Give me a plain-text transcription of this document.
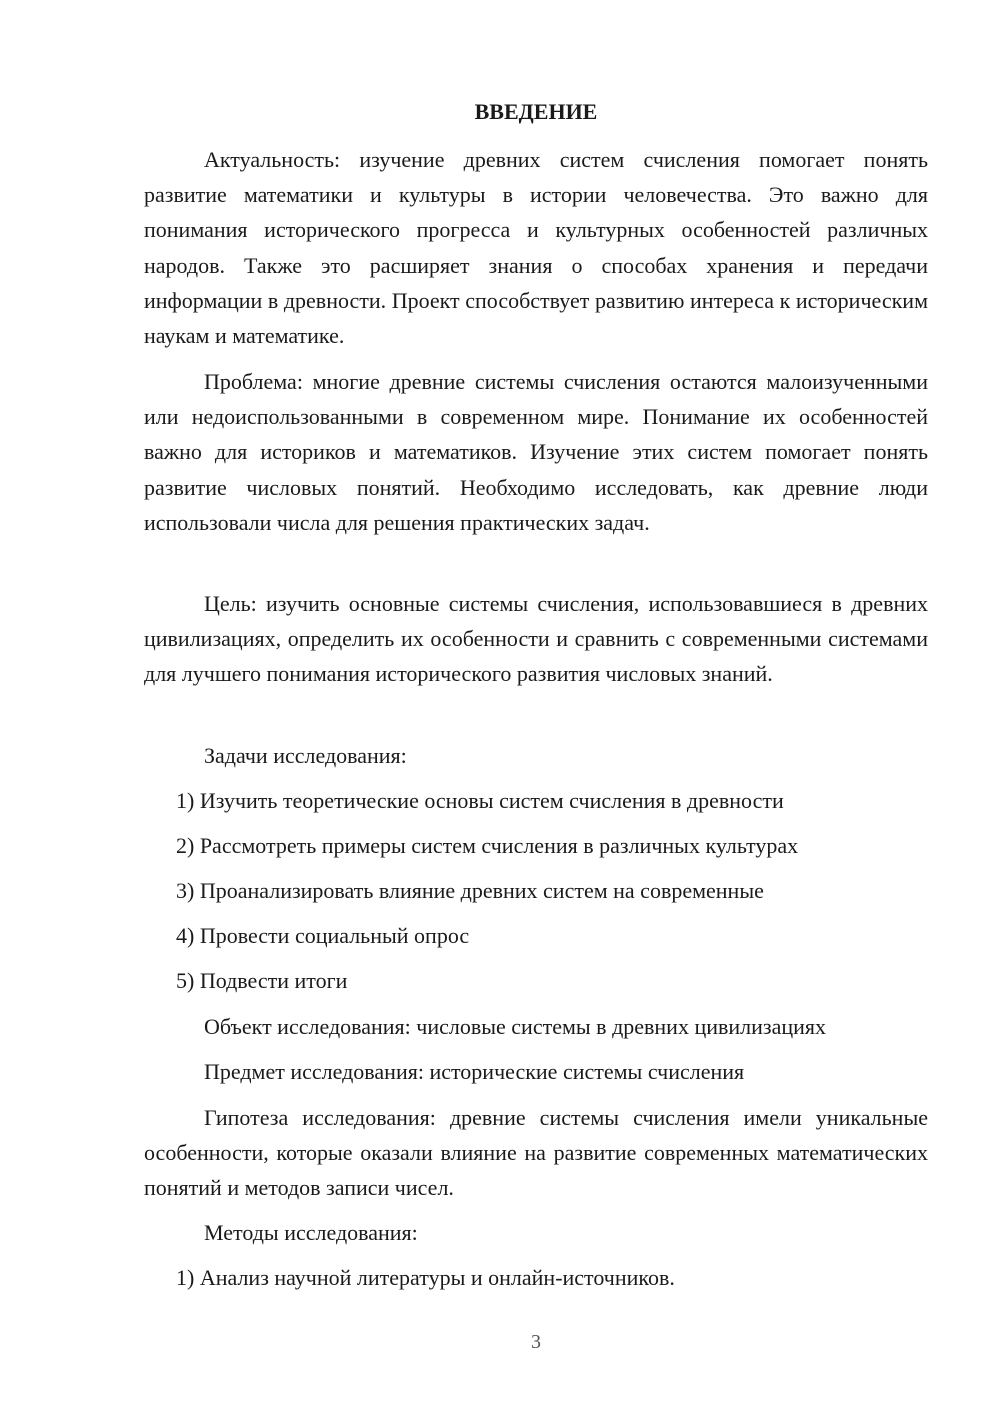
ВВЕДЕНИЕ

Актуальность: изучение древних систем счисления помогает понять развитие математики и культуры в истории человечества. Это важно для понимания исторического прогресса и культурных особенностей различных народов. Также это расширяет знания о способах хранения и передачи информации в древности. Проект способствует развитию интереса к историческим наукам и математике.

Проблема: многие древние системы счисления остаются малоизученными или недоиспользованными в современном мире. Понимание их особенностей важно для историков и математиков. Изучение этих систем помогает понять развитие числовых понятий. Необходимо исследовать, как древние люди использовали числа для решения практических задач.

Цель: изучить основные системы счисления, использовавшиеся в древних цивилизациях, определить их особенности и сравнить с современными системами для лучшего понимания исторического развития числовых знаний.

Задачи исследования:

1) Изучить теоретические основы систем счисления в древности

2) Рассмотреть примеры систем счисления в различных культурах

3) Проанализировать влияние древних систем на современные

4) Провести социальный опрос

5) Подвести итоги

Объект исследования: числовые системы в древних цивилизациях

Предмет исследования: исторические системы счисления

Гипотеза исследования: древние системы счисления имели уникальные особенности, которые оказали влияние на развитие современных математических понятий и методов записи чисел.

Методы исследования:

1) Анализ научной литературы и онлайн-источников.

3
